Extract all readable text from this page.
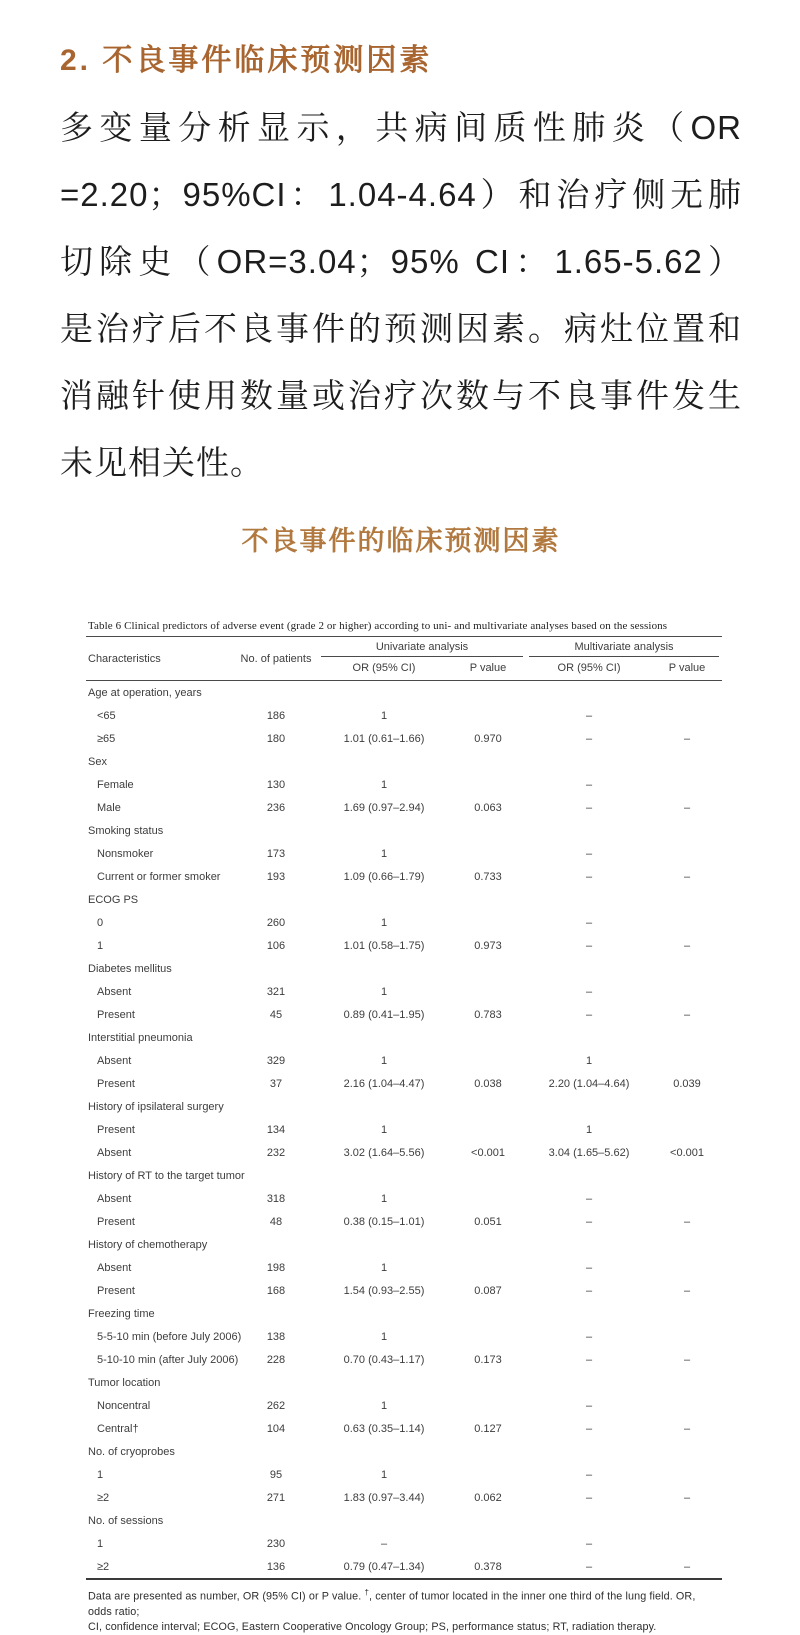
2. 不良事件临床预测因素
多变量分析显示，共病间质性肺炎（OR
=2.20；95%CI：1.04-4.64）和治疗侧无肺
切除史（OR=3.04；95% CI：1.65-5.62）
是治疗后不良事件的预测因素。病灶位置和
消融针使用数量或治疗次数与不良事件发生
未见相关性。
不良事件的临床预测因素
Table 6 Clinical predictors of adverse event (grade 2 or higher) according to uni- and multivariate analyses based on the sessions
Characteristics	No. of patients	Univariate analysis		Multivariate analysis	

		OR (95% CI)	P value	OR (95% CI)	P value
Age at operation, years					
<65	186	1		–	
≥65	180	1.01 (0.61–1.66)	0.970	–	–
Sex					
Female	130	1		–	
Male	236	1.69 (0.97–2.94)	0.063	–	–
Smoking status					
Nonsmoker	173	1		–	
Current or former smoker	193	1.09 (0.66–1.79)	0.733	–	–
ECOG PS					
0	260	1		–	
1	106	1.01 (0.58–1.75)	0.973	–	–
Diabetes mellitus					
Absent	321	1		–	
Present	45	0.89 (0.41–1.95)	0.783	–	–
Interstitial pneumonia					
Absent	329	1		1	
Present	37	2.16 (1.04–4.47)	0.038	2.20 (1.04–4.64)	0.039
History of ipsilateral surgery					
Present	134	1		1	
Absent	232	3.02 (1.64–5.56)	<0.001	3.04 (1.65–5.62)	<0.001
History of RT to the target tumor					
Absent	318	1		–	
Present	48	0.38 (0.15–1.01)	0.051	–	–
History of chemotherapy					
Absent	198	1		–	
Present	168	1.54 (0.93–2.55)	0.087	–	–
Freezing time					
5-5-10 min (before July 2006)	138	1		–	
5-10-10 min (after July 2006)	228	0.70 (0.43–1.17)	0.173	–	–
Tumor location					
Noncentral	262	1		–	
Central†	104	0.63 (0.35–1.14)	0.127	–	–
No. of cryoprobes					
1	95	1		–	
≥2	271	1.83 (0.97–3.44)	0.062	–	–
No. of sessions					
1	230	–		–	
≥2	136	0.79 (0.47–1.34)	0.378	–	–
Data are presented as number, OR (95% CI) or P value. †, center of tumor located in the inner one third of the lung field. OR, odds ratio;
CI, confidence interval; ECOG, Eastern Cooperative Oncology Group; PS, performance status; RT, radiation therapy.
